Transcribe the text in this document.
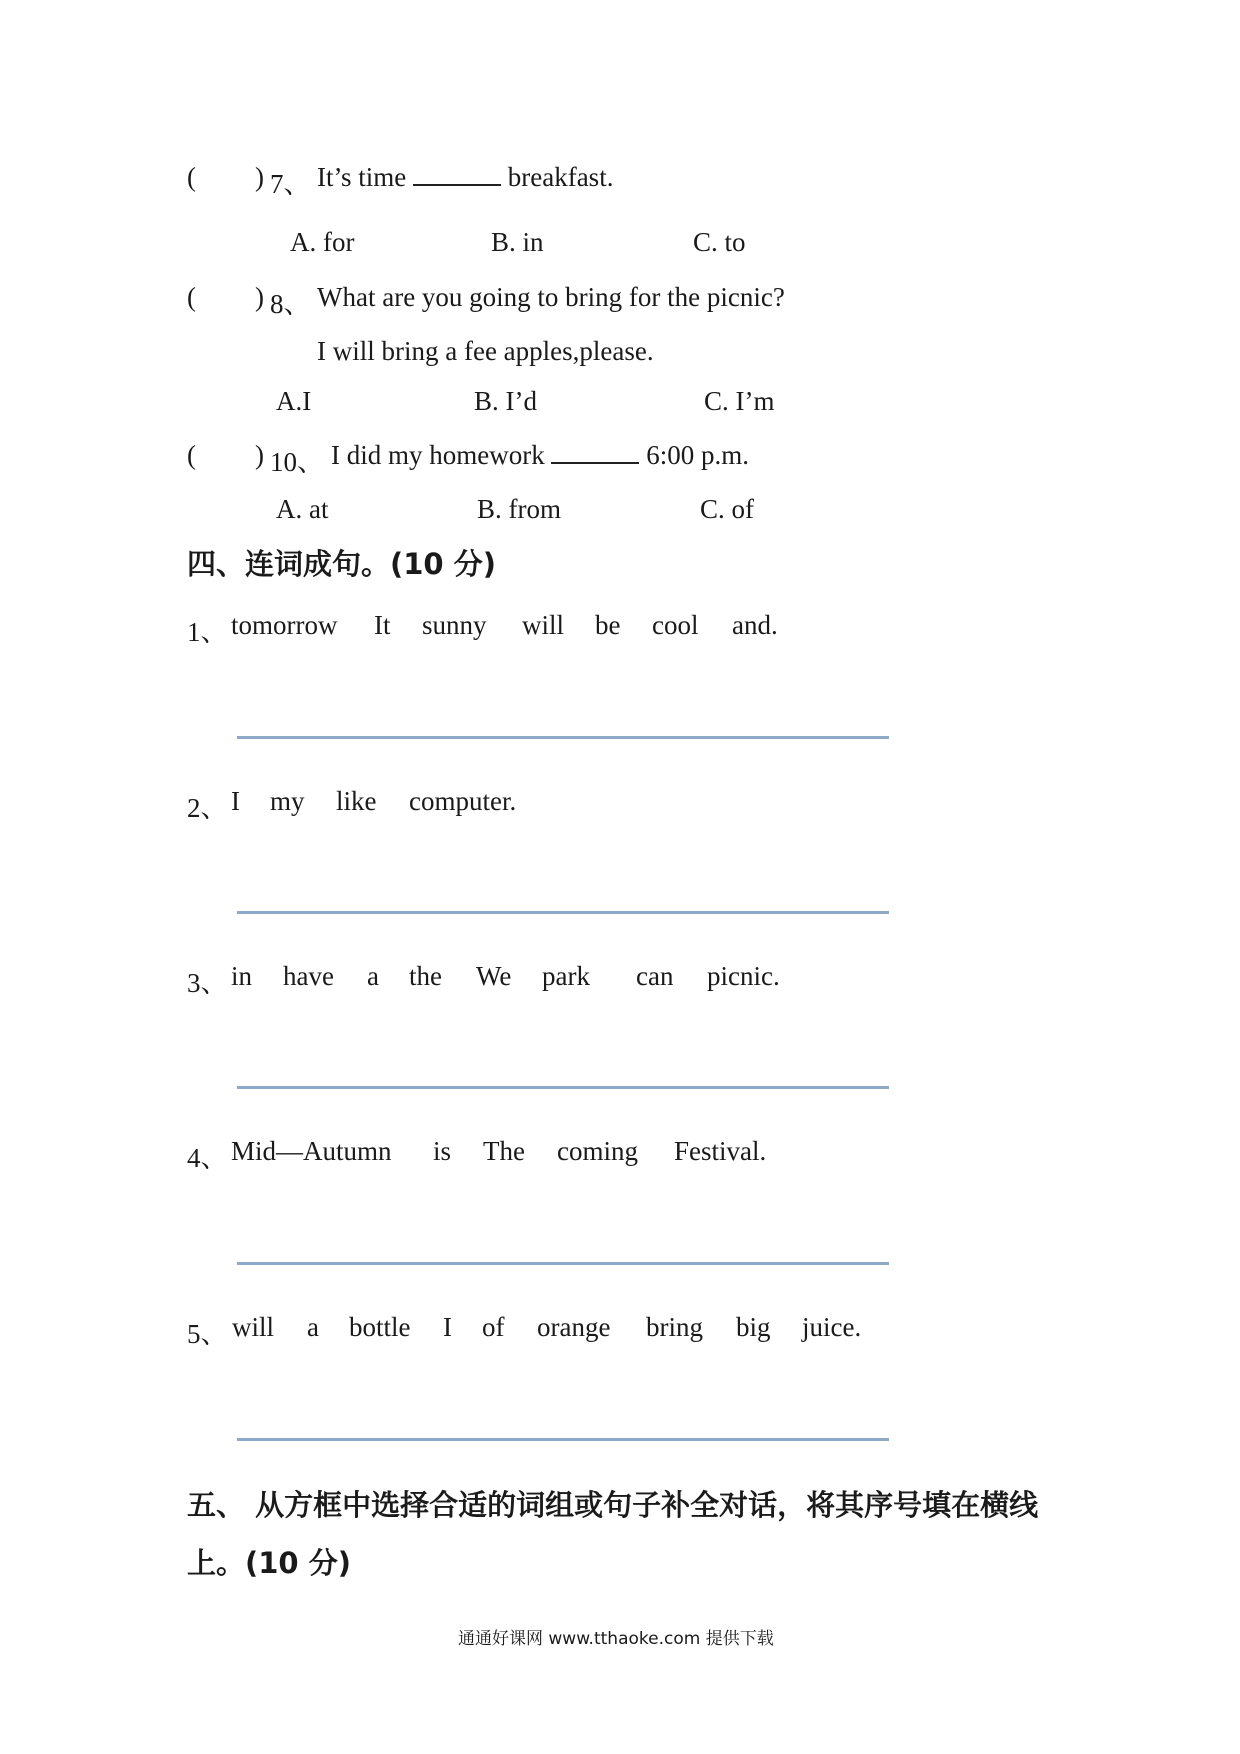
( ) 7、 It’s time	breakfast.
A. for	B. in	C. to
( ) 8、 What are you going to bring for the picnic?
I will bring a fee apples,please.
A.I	B. I’d	C. I’m
( ) 10、 I did my homework	6:00 p.m.
A. at	B. from	C. of
四、连词成句。(10 分)
1、 tomorrow It sunny will be cool and.
2、 I my like computer.
3、 in have a the We park can picnic.
4、 Mid—Autumn is The coming Festival.
5、 will a bottle I of orange bring big juice.
五、 从方框中选择合适的词组或句子补全对话，将其序号填在横线
上。(10 分)
通通好课网 www.tthaoke.com 提供下载
